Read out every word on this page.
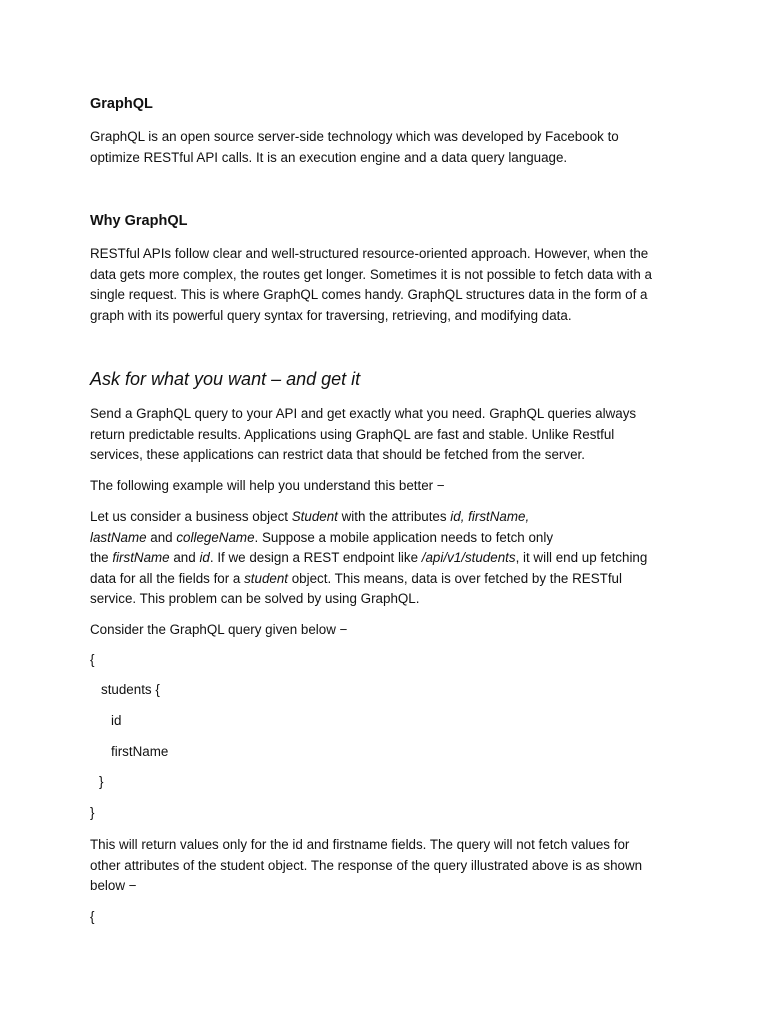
GraphQL
GraphQL is an open source server-side technology which was developed by Facebook to
optimize RESTful API calls. It is an execution engine and a data query language.
Why GraphQL
RESTful APIs follow clear and well-structured resource-oriented approach. However, when the
data gets more complex, the routes get longer. Sometimes it is not possible to fetch data with a
single request. This is where GraphQL comes handy. GraphQL structures data in the form of a
graph with its powerful query syntax for traversing, retrieving, and modifying data.
Ask for what you want – and get it
Send a GraphQL query to your API and get exactly what you need. GraphQL queries always
return predictable results. Applications using GraphQL are fast and stable. Unlike Restful
services, these applications can restrict data that should be fetched from the server.
The following example will help you understand this better −
Let us consider a business object Student with the attributes id, firstName,
lastName and collegeName. Suppose a mobile application needs to fetch only
the firstName and id. If we design a REST endpoint like /api/v1/students, it will end up fetching
data for all the fields for a student object. This means, data is over fetched by the RESTful
service. This problem can be solved by using GraphQL.
Consider the GraphQL query given below −
{
students {
id
firstName
}
}
This will return values only for the id and firstname fields. The query will not fetch values for
other attributes of the student object. The response of the query illustrated above is as shown
below −
{
